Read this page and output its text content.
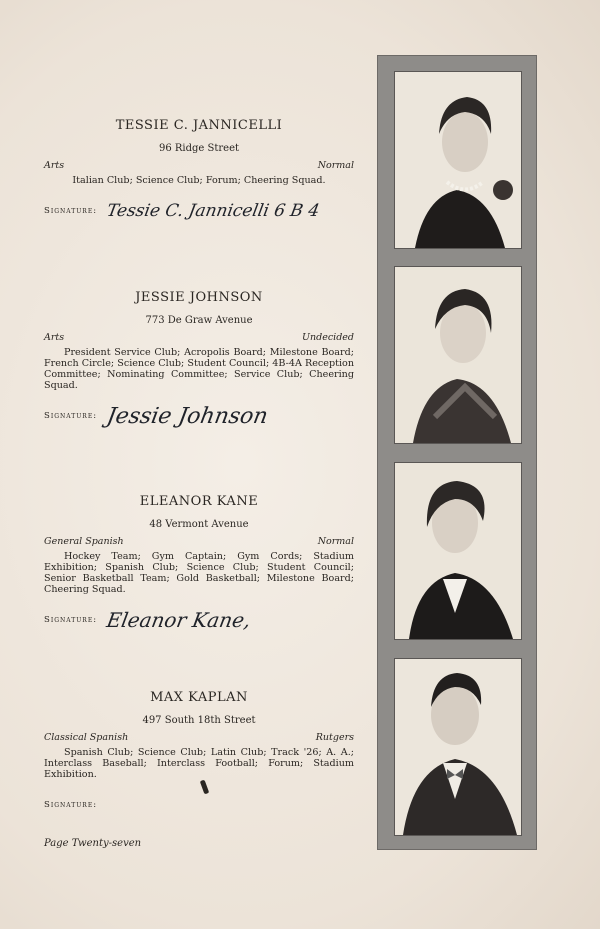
TESSIE C. JANNICELLI
96 Ridge Street
Arts	Normal
Italian Club; Science Club; Forum; Cheering Squad.
Signature: Tessie C. Jannicelli 6 B 4
JESSIE JOHNSON
773 De Graw Avenue
Arts	Undecided
President Service Club; Acropolis Board; Milestone Board; French Circle; Science Club; Student Council; 4B-4A Reception Committee; Nominating Committee; Service Club; Cheering Squad.
Signature: Jessie Johnson
ELEANOR KANE
48 Vermont Avenue
General Spanish	Normal
Hockey Team; Gym Captain; Gym Cords; Stadium Exhibition; Spanish Club; Science Club; Student Council; Senior Basketball Team; Gold Basketball; Milestone Board; Cheering Squad.
Signature: Eleanor Kane,
MAX KAPLAN
497 South 18th Street
Classical Spanish	Rutgers
Spanish Club; Science Club; Latin Club; Track '26; A. A.; Interclass Baseball; Interclass Football; Forum; Stadium Exhibition.
Signature:
Page Twenty-seven
